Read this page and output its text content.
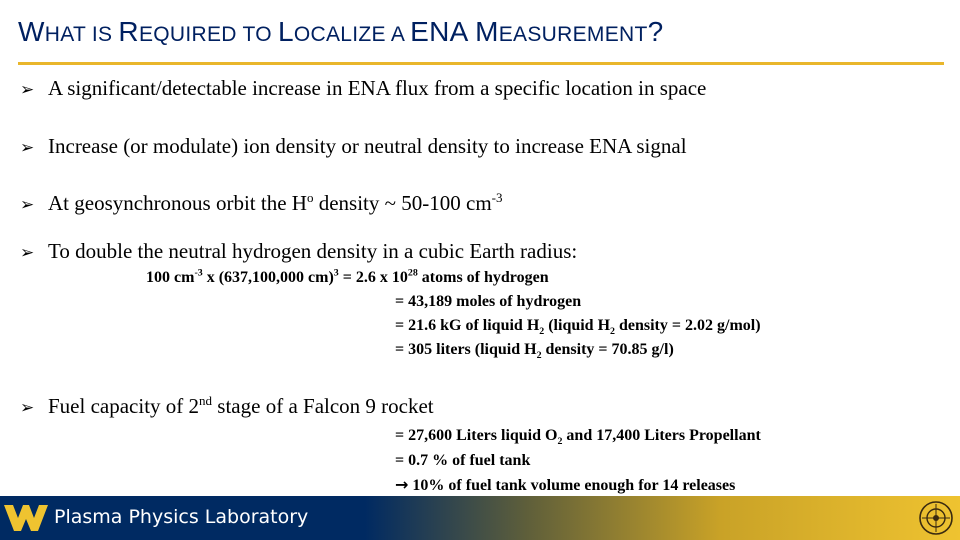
WHAT IS REQUIRED TO LOCALIZE A ENA MEASUREMENT?
➢ A significant/detectable increase in ENA flux from a specific location in space
➢ Increase (or modulate) ion density or neutral density to increase ENA signal
➢ At geosynchronous orbit the $H^o$ density ~ 50-100 $cm^{-3}$
➢ To double the neutral hydrogen density in a cubic Earth radius:
100 $cm^{-3}$ x (637,100,000 cm)$^3$ = 2.6 x $10^{28}$ atoms of hydrogen
= 43,189 moles of hydrogen
= 21.6 kG of liquid $H_2$ (liquid $H_2$ density = 2.02 g/mol)
= 305 liters (liquid $H_2$ density = 70.85 g/l)
➢ Fuel capacity of 2nd stage of a Falcon 9 rocket
= 27,600 Liters liquid $O_2$ and 17,400 Liters Propellant
= 0.7 % of fuel tank
→ 10% of fuel tank volume enough for 14 releases
Plasma Physics Laboratory
